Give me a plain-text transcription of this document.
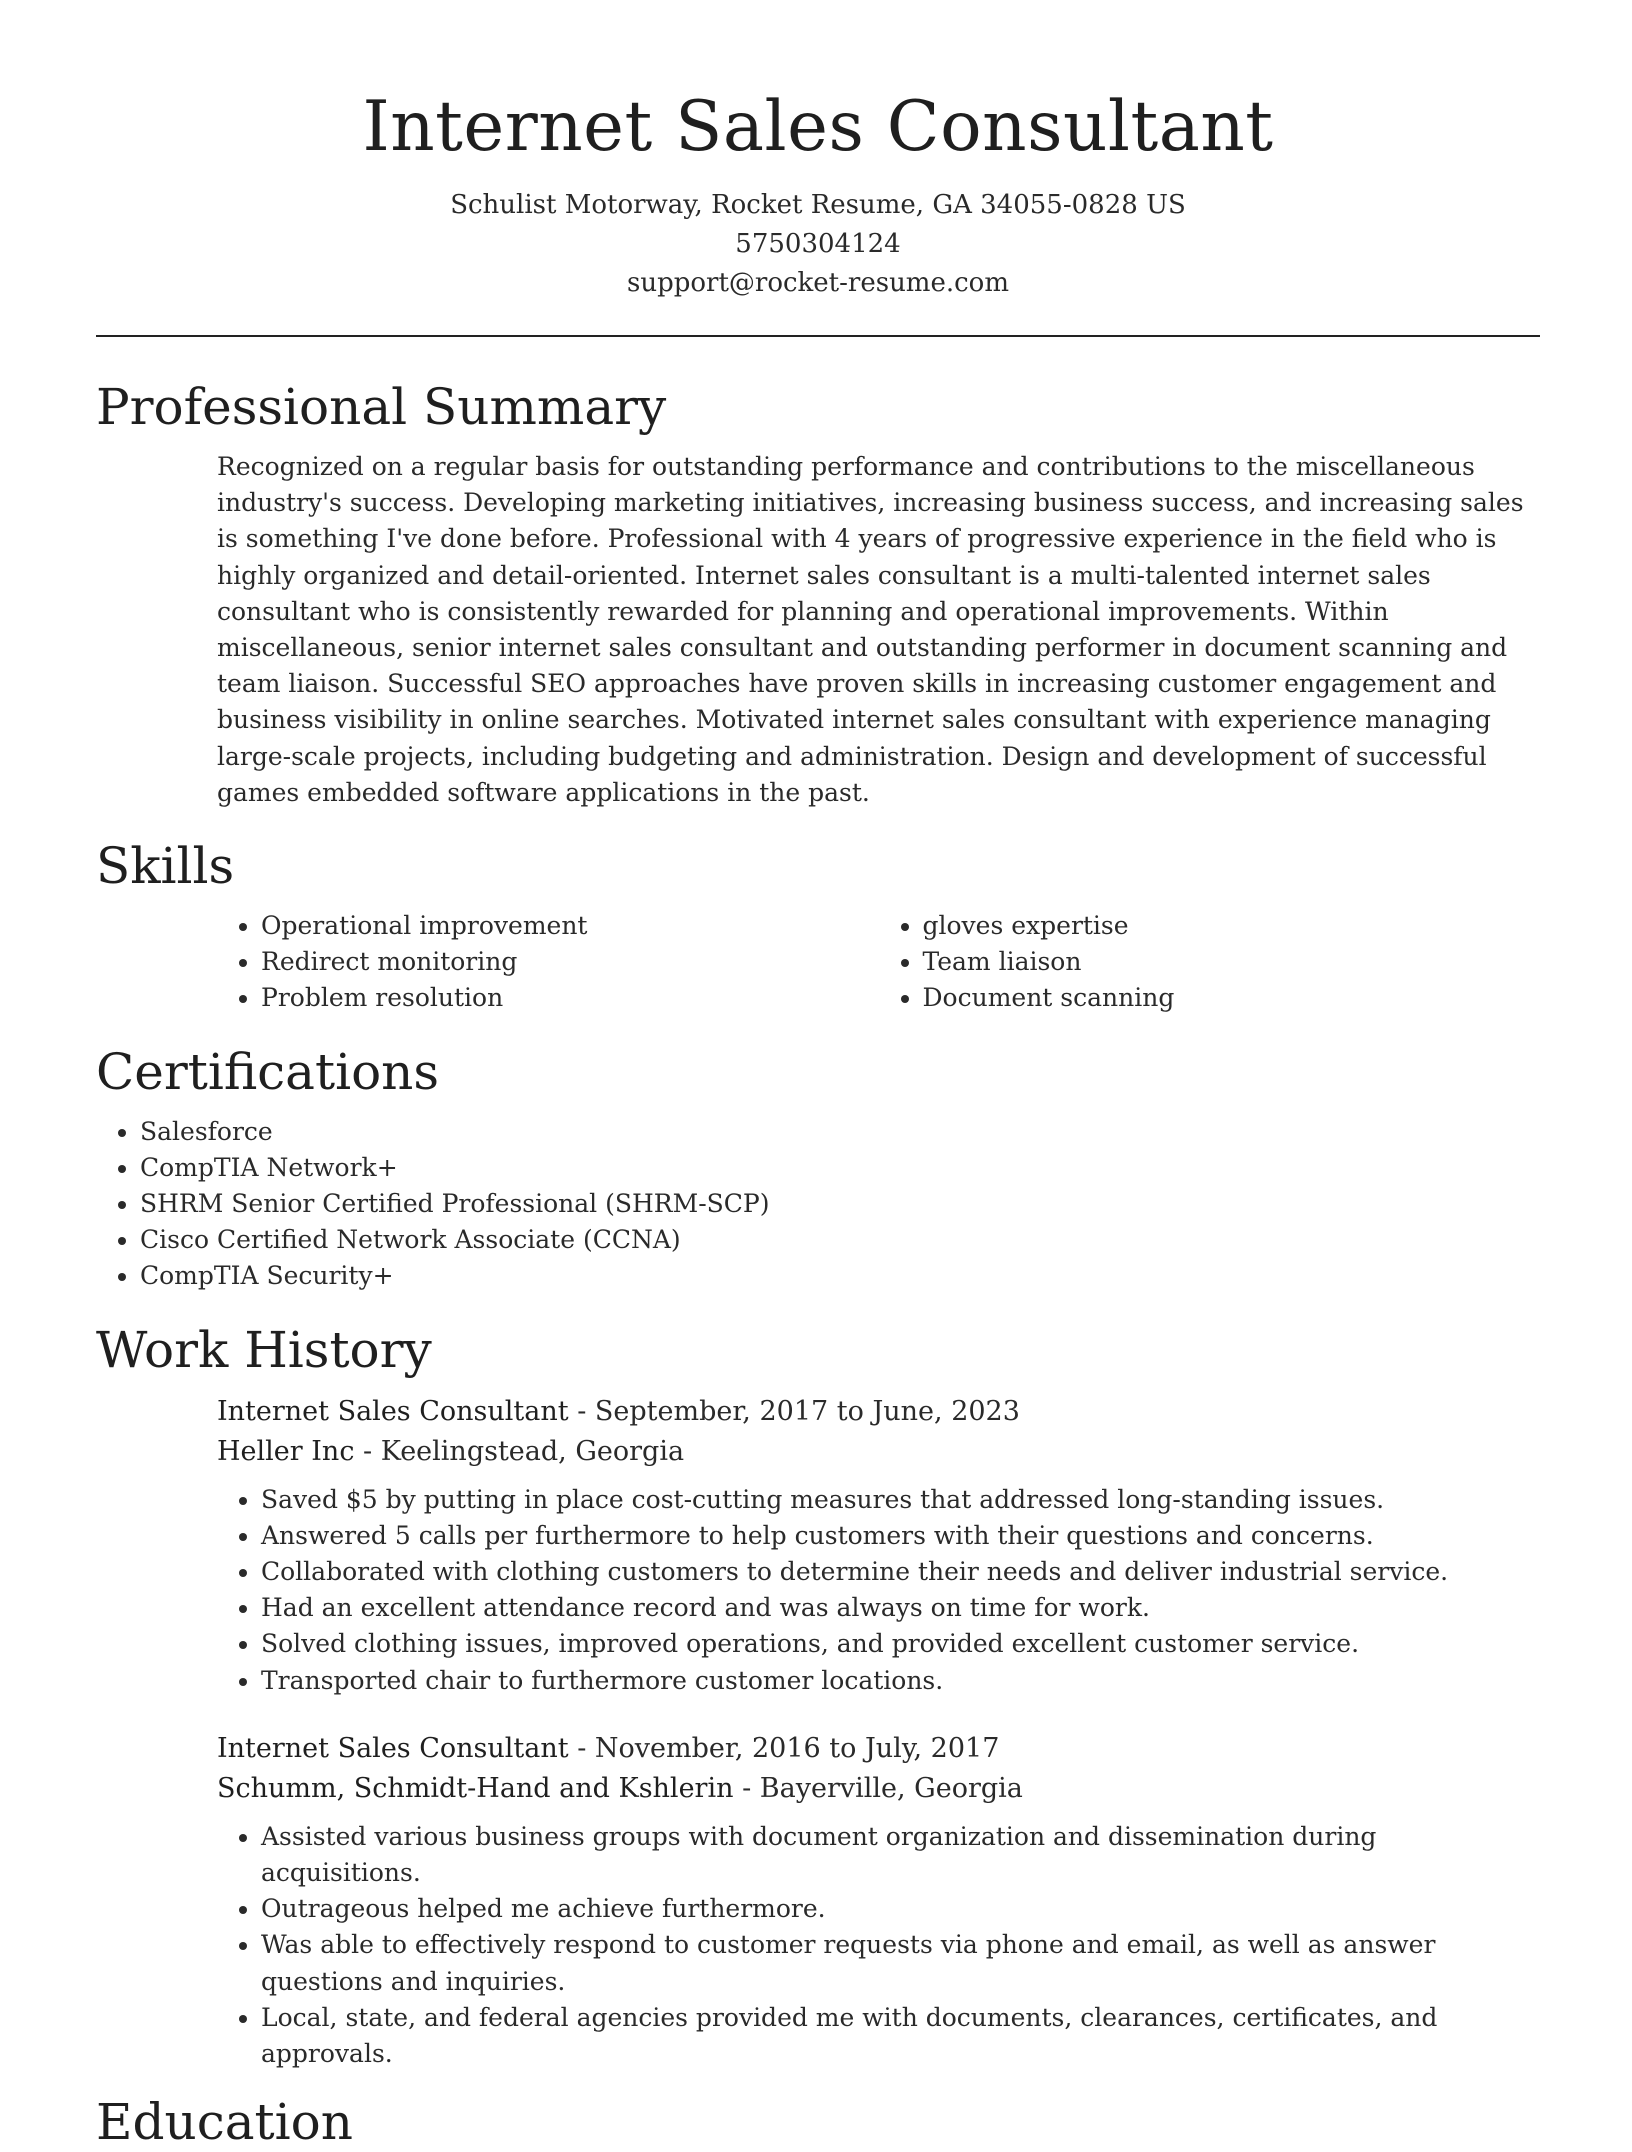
Internet Sales Consultant
Schulist Motorway, Rocket Resume, GA 34055-0828 US
5750304124
support@rocket-resume.com
Professional Summary
Recognized on a regular basis for outstanding performance and contributions to the miscellaneous industry's success. Developing marketing initiatives, increasing business success, and increasing sales is something I've done before. Professional with 4 years of progressive experience in the field who is highly organized and detail-oriented. Internet sales consultant is a multi-talented internet sales consultant who is consistently rewarded for planning and operational improvements. Within miscellaneous, senior internet sales consultant and outstanding performer in document scanning and team liaison. Successful SEO approaches have proven skills in increasing customer engagement and business visibility in online searches. Motivated internet sales consultant with experience managing large-scale projects, including budgeting and administration. Design and development of successful games embedded software applications in the past.
Skills
• Operational improvement
• Redirect monitoring
• Problem resolution
• gloves expertise
• Team liaison
• Document scanning
Certifications
• Salesforce
• CompTIA Network+
• SHRM Senior Certified Professional (SHRM-SCP)
• Cisco Certified Network Associate (CCNA)
• CompTIA Security+
Work History
Internet Sales Consultant - September, 2017 to June, 2023
Heller Inc - Keelingstead, Georgia
• Saved $5 by putting in place cost-cutting measures that addressed long-standing issues.
• Answered 5 calls per furthermore to help customers with their questions and concerns.
• Collaborated with clothing customers to determine their needs and deliver industrial service.
• Had an excellent attendance record and was always on time for work.
• Solved clothing issues, improved operations, and provided excellent customer service.
• Transported chair to furthermore customer locations.
Internet Sales Consultant - November, 2016 to July, 2017
Schumm, Schmidt-Hand and Kshlerin - Bayerville, Georgia
• Assisted various business groups with document organization and dissemination during acquisitions.
• Outrageous helped me achieve furthermore.
• Was able to effectively respond to customer requests via phone and email, as well as answer questions and inquiries.
• Local, state, and federal agencies provided me with documents, clearances, certificates, and approvals.
Education
